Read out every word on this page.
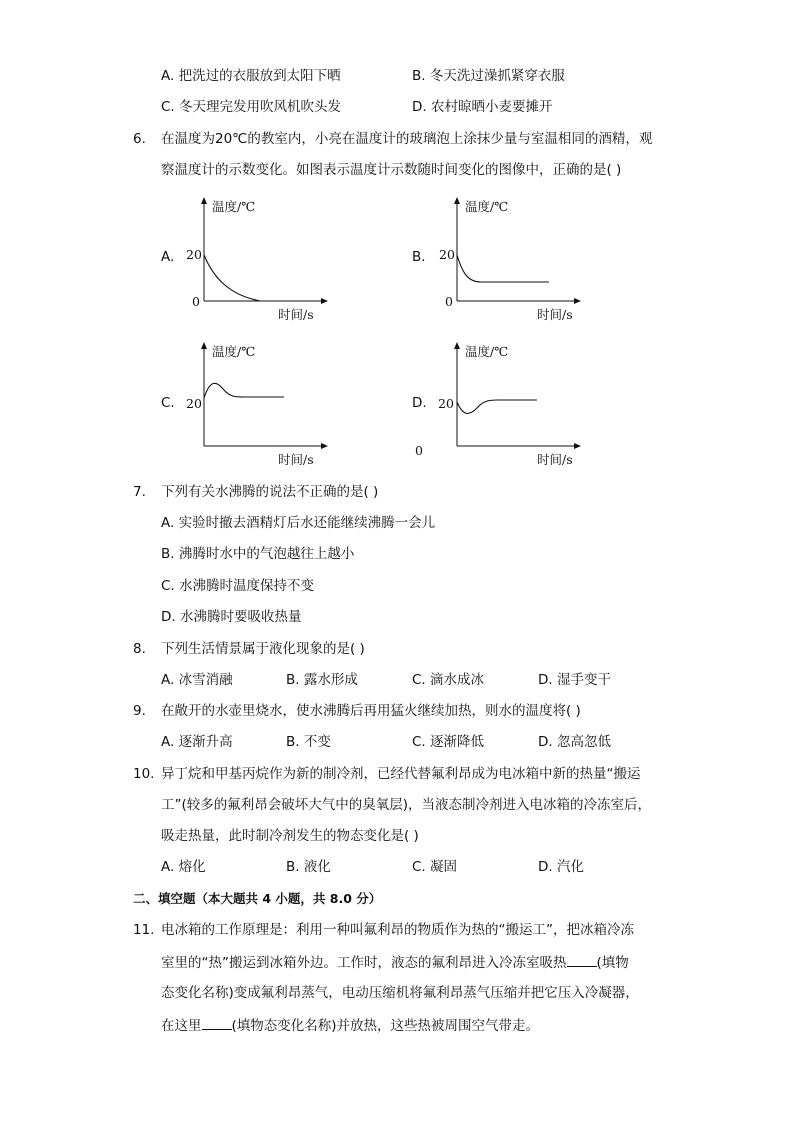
A. 把洗过的衣服放到太阳下晒	B. 冬天洗过澡抓紧穿衣服
C. 冬天理完发用吹风机吹头发	D. 农村晾晒小麦要摊开
6. 在温度为20℃的教室内，小亮在温度计的玻璃泡上涂抹少量与室温相同的酒精，观
察温度计的示数变化。如图表示温度计示数随时间变化的图像中，正确的是( )
A.
温度/℃
20
0
时间/s
B.
温度/℃
20
0
时间/s
C.
温度/℃
20
时间/s
D.
温度/℃
20
0
时间/s
7. 下列有关水沸腾的说法不正确的是( )
A. 实验时撤去酒精灯后水还能继续沸腾一会儿
B. 沸腾时水中的气泡越往上越小
C. 水沸腾时温度保持不变
D. 水沸腾时要吸收热量
8. 下列生活情景属于液化现象的是( )
A. 冰雪消融	B. 露水形成	C. 滴水成冰	D. 湿手变干
9. 在敞开的水壶里烧水，使水沸腾后再用猛火继续加热，则水的温度将( )
A. 逐渐升高	B. 不变	C. 逐渐降低	D. 忽高忽低
10. 异丁烷和甲基丙烷作为新的制冷剂，已经代替氟利昂成为电冰箱中新的热量“搬运
工”(较多的氟利昂会破坏大气中的臭氧层)，当液态制冷剂进入电冰箱的冷冻室后，
吸走热量，此时制冷剂发生的物态变化是( )
A. 熔化	B. 液化	C. 凝固	D. 汽化
二、填空题（本大题共 4 小题，共 8.0 分）
11. 电冰箱的工作原理是：利用一种叫氟利昂的物质作为热的“搬运工”，把冰箱冷冻
室里的“热”搬运到冰箱外边。工作时，液态的氟利昂进入冷冻室吸热 (填物
态变化名称)变成氟利昂蒸气，电动压缩机将氟利昂蒸气压缩并把它压入冷凝器，
在这里 (填物态变化名称)并放热，这些热被周围空气带走。
